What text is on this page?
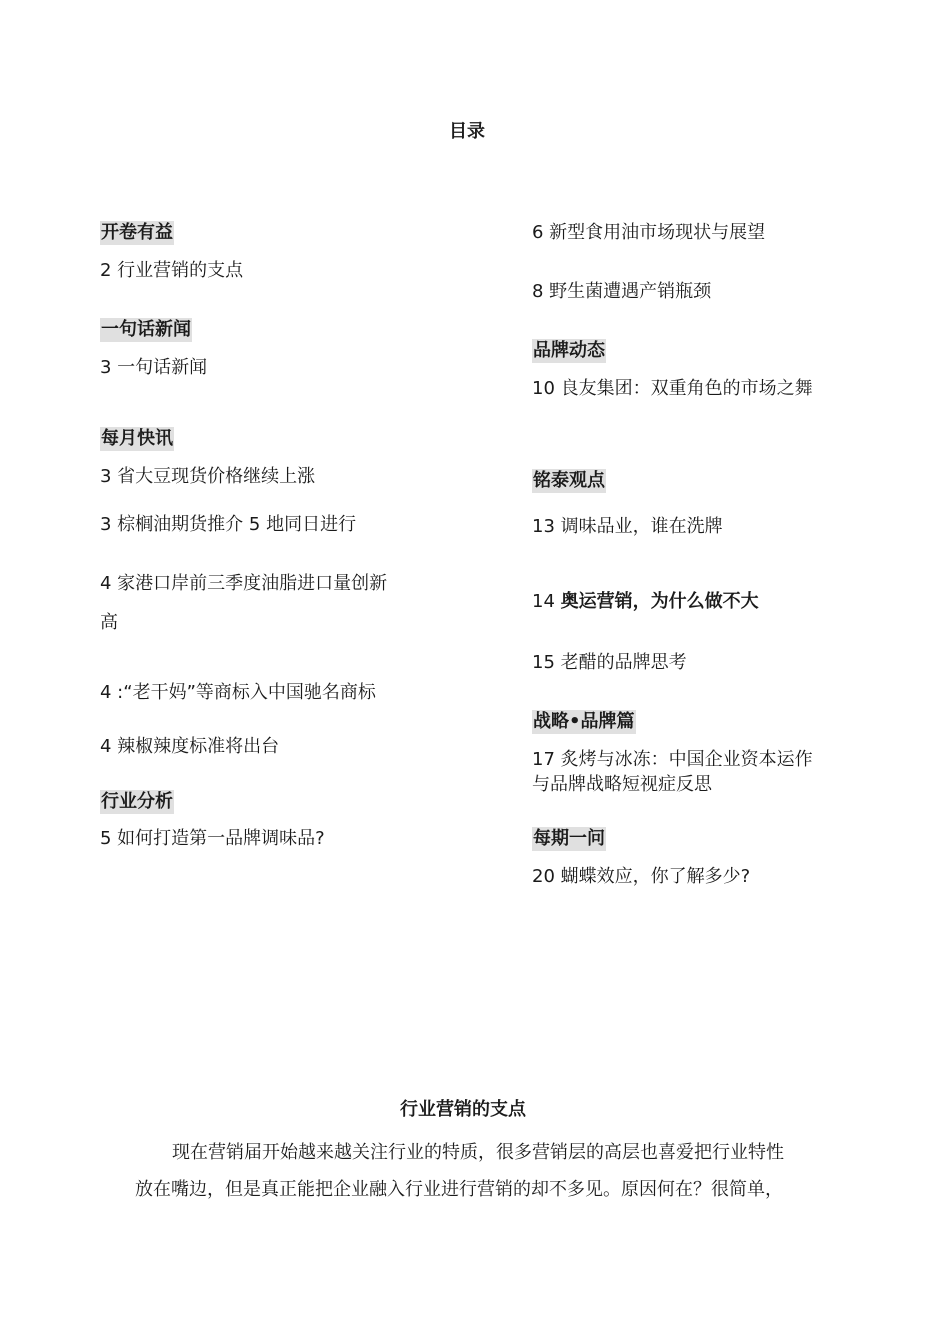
目录
开卷有益
2 行业营销的支点
一句话新闻
3 一句话新闻
每月快讯
3 省大豆现货价格继续上涨
3 棕榈油期货推介 5 地同日进行
4 家港口岸前三季度油脂进口量创新
高
4 :“老干妈”等商标入中国驰名商标
4 辣椒辣度标准将出台
行业分析
5 如何打造第一品牌调味品?
6 新型食用油市场现状与展望
8 野生菌遭遇产销瓶颈
品牌动态
10 良友集团：双重角色的市场之舞
铭泰观点
13 调味品业，谁在洗牌
14 奥运营销，为什么做不大
15 老醋的品牌思考
战略•品牌篇
17 炙烤与冰冻：中国企业资本运作
与品牌战略短视症反思
每期一问
20 蝴蝶效应，你了解多少?
行业营销的支点
现在营销届开始越来越关注行业的特质，很多营销层的高层也喜爱把行业特性
放在嘴边，但是真正能把企业融入行业进行营销的却不多见。原因何在？很简单，
